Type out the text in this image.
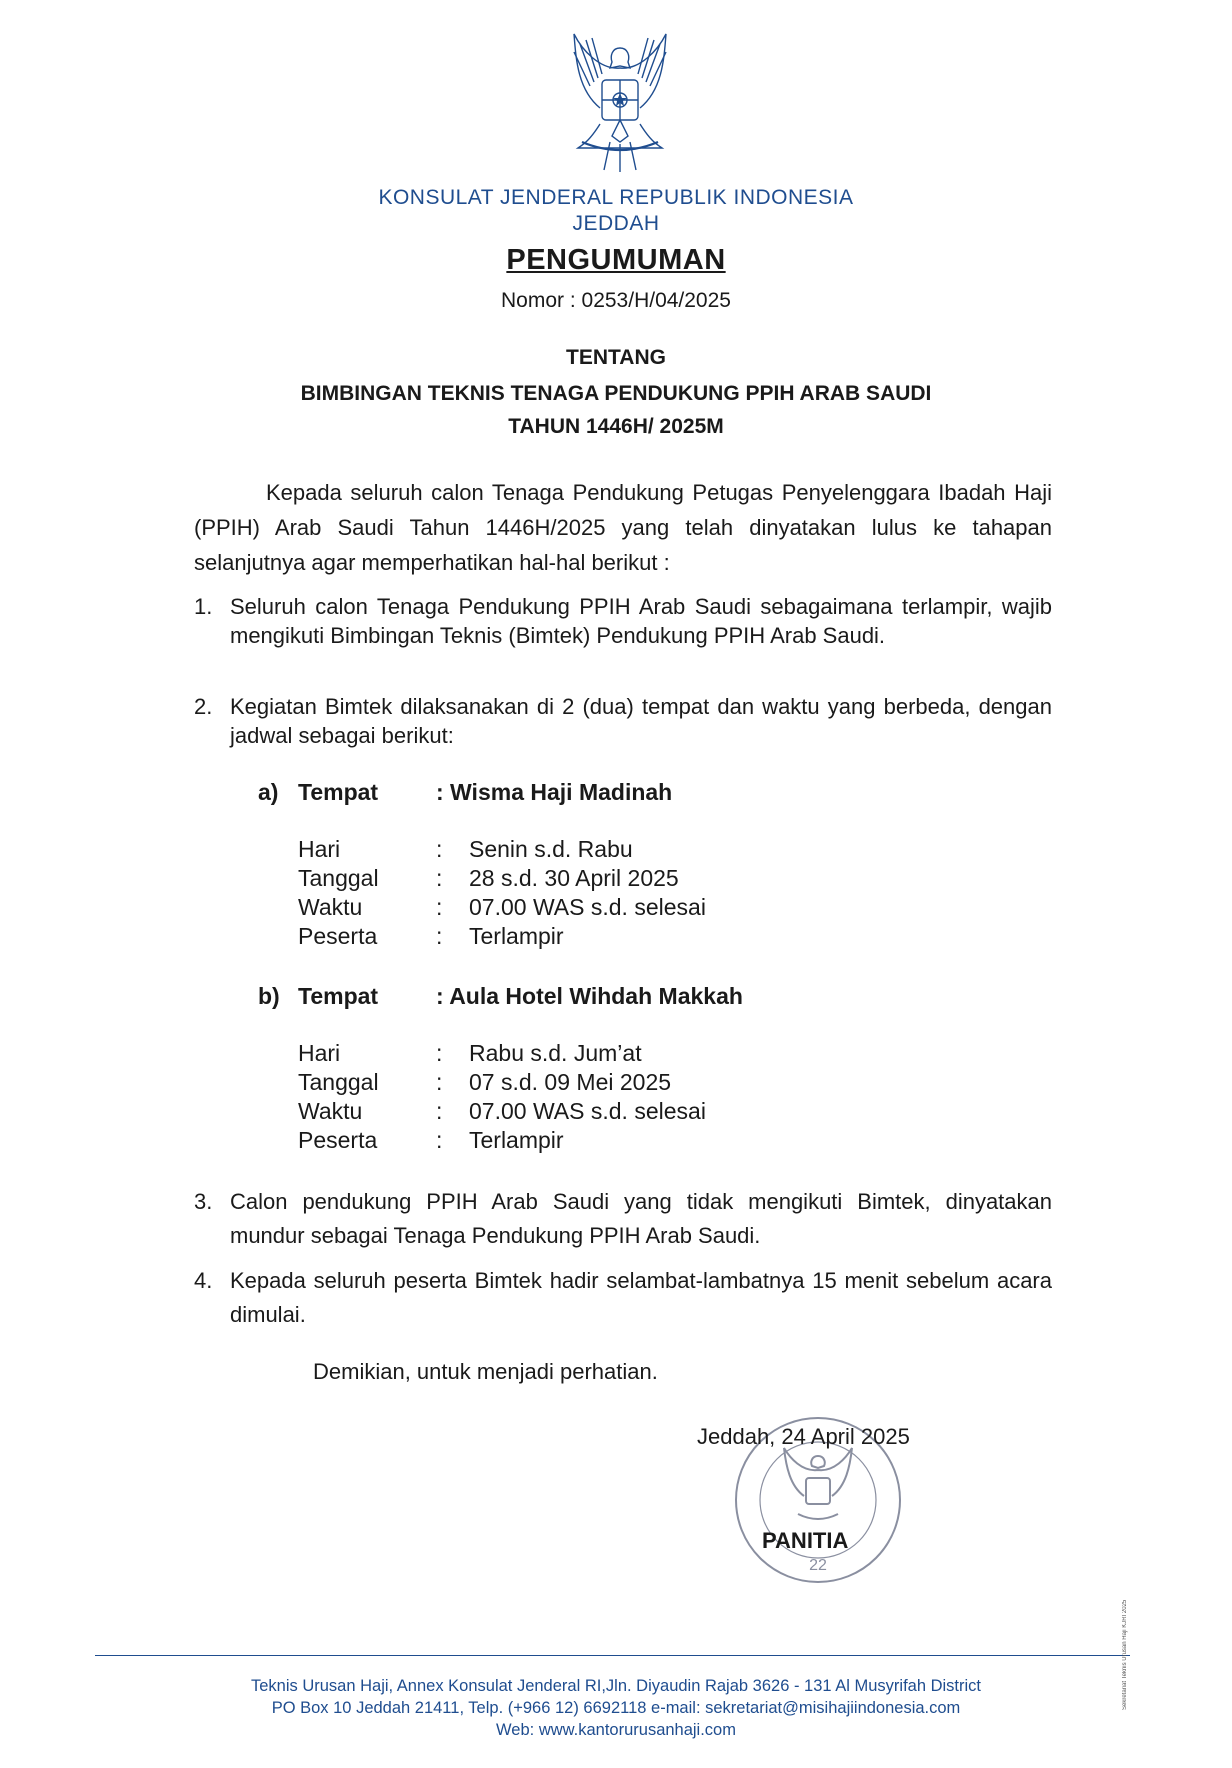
KONSULAT JENDERAL REPUBLIK INDONESIA
JEDDAH
PENGUMUMAN
Nomor : 0253/H/04/2025
TENTANG
BIMBINGAN TEKNIS TENAGA PENDUKUNG PPIH ARAB SAUDI
TAHUN 1446H/ 2025M
Kepada seluruh calon Tenaga Pendukung Petugas Penyelenggara Ibadah Haji (PPIH) Arab Saudi Tahun 1446H/2025 yang telah dinyatakan lulus ke tahapan selanjutnya agar memperhatikan hal-hal berikut :
1. Seluruh calon Tenaga Pendukung PPIH Arab Saudi sebagaimana terlampir, wajib mengikuti Bimbingan Teknis (Bimtek) Pendukung PPIH Arab Saudi.
2. Kegiatan Bimtek dilaksanakan di 2 (dua) tempat dan waktu yang berbeda, dengan jadwal sebagai berikut:
a) Tempat	: Wisma Haji Madinah
Hari	: Senin s.d. Rabu
Tanggal : 28 s.d. 30 April 2025
Waktu	: 07.00 WAS s.d. selesai
Peserta	: Terlampir
b) Tempat	: Aula Hotel Wihdah Makkah
Hari	: Rabu s.d. Jum’at
Tanggal : 07 s.d. 09 Mei 2025
Waktu	: 07.00 WAS s.d. selesai
Peserta	: Terlampir
3. Calon pendukung PPIH Arab Saudi yang tidak mengikuti Bimtek, dinyatakan mundur sebagai Tenaga Pendukung PPIH Arab Saudi.
4. Kepada seluruh peserta Bimtek hadir selambat-lambatnya 15 menit sebelum acara dimulai.
Demikian, untuk menjadi perhatian.
22
Jeddah, 24 April 2025
PANITIA
Teknis Urusan Haji, Annex Konsulat Jenderal RI,Jln. Diyaudin Rajab 3626 - 131 Al Musyrifah District
PO Box 10 Jeddah 21411, Telp. (+966 12) 6692118 e-mail: sekretariat@misihajiindonesia.com
Web: www.kantorurusanhaji.com
Sekretariat Teknis Urusan Haji KJRI 2025
